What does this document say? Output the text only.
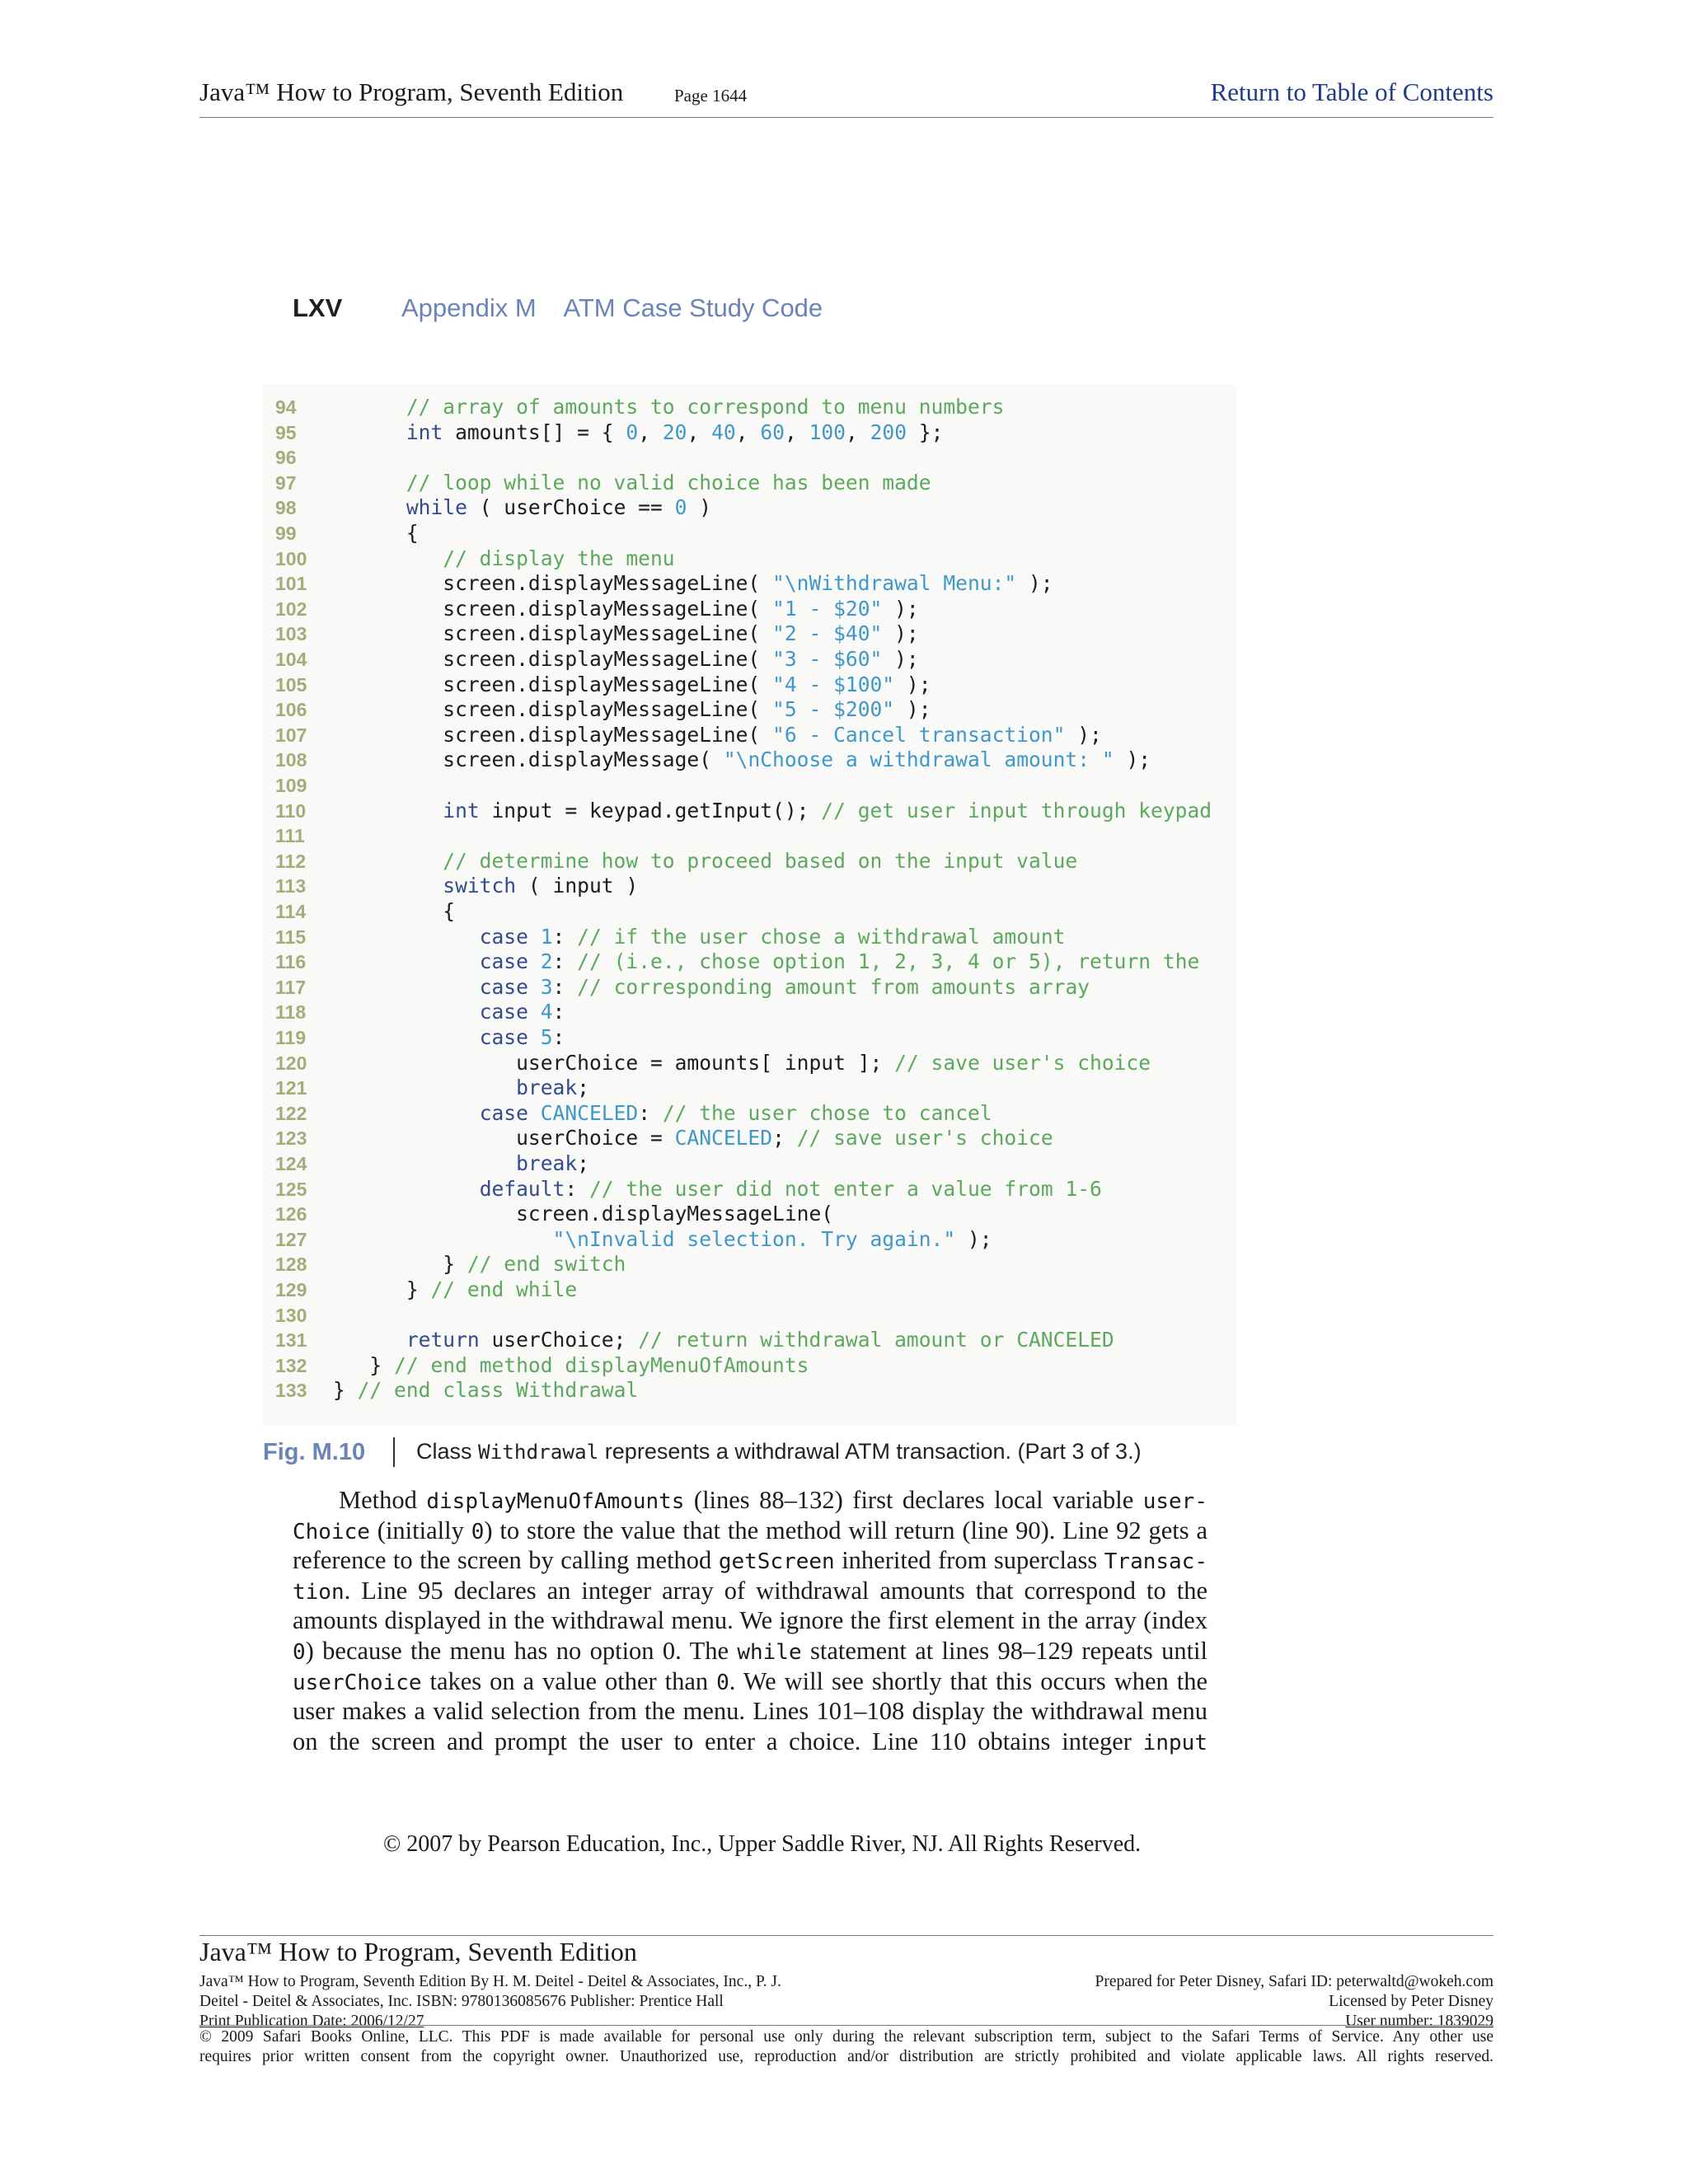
Java™ How to Program, Seventh Edition	Page 1644	Return to Table of Contents
LXV Appendix M    ATM Case Study Code
94	// array of amounts to correspond to menu numbers
95	int amounts[] = { 0, 20, 40, 60, 100, 200 };
96
97	// loop while no valid choice has been made
98	while ( userChoice == 0 )
99	{
100	// display the menu
101	screen.displayMessageLine( "\nWithdrawal Menu:" );
102	screen.displayMessageLine( "1 - $20" );
103	screen.displayMessageLine( "2 - $40" );
104	screen.displayMessageLine( "3 - $60" );
105	screen.displayMessageLine( "4 - $100" );
106	screen.displayMessageLine( "5 - $200" );
107	screen.displayMessageLine( "6 - Cancel transaction" );
108	screen.displayMessage( "\nChoose a withdrawal amount: " );
109
110	int input = keypad.getInput(); // get user input through keypad
111
112	// determine how to proceed based on the input value
113	switch ( input )
114	{
115	case 1: // if the user chose a withdrawal amount
116	case 2: // (i.e., chose option 1, 2, 3, 4 or 5), return the
117	case 3: // corresponding amount from amounts array
118	case 4:
119	case 5:
120	userChoice = amounts[ input ]; // save user's choice
121	break;
122	case CANCELED: // the user chose to cancel
123	userChoice = CANCELED; // save user's choice
124	break;
125	default: // the user did not enter a value from 1-6
126	screen.displayMessageLine(
127	"\nInvalid selection. Try again." );
128	} // end switch
129	} // end while
130
131	return userChoice; // return withdrawal amount or CANCELED
132	} // end method displayMenuOfAmounts
133	} // end class Withdrawal
Fig. M.10 Class Withdrawal represents a withdrawal ATM transaction. (Part 3 of 3.)
Method displayMenuOfAmounts (lines 88–132) first declares local variable user-
Choice (initially 0) to store the value that the method will return (line 90). Line 92 gets a
reference to the screen by calling method getScreen inherited from superclass Transac-
tion. Line 95 declares an integer array of withdrawal amounts that correspond to the
amounts displayed in the withdrawal menu. We ignore the first element in the array (index
0) because the menu has no option 0. The while statement at lines 98–129 repeats until
userChoice takes on a value other than 0. We will see shortly that this occurs when the
user makes a valid selection from the menu. Lines 101–108 display the withdrawal menu
on the screen and prompt the user to enter a choice. Line 110 obtains integer input
© 2007 by Pearson Education, Inc., Upper Saddle River, NJ. All Rights Reserved.
Java™ How to Program, Seventh Edition
Java™ How to Program, Seventh Edition By H. M. Deitel - Deitel & Associates, Inc., P. J.
Deitel - Deitel & Associates, Inc. ISBN: 9780136085676 Publisher: Prentice Hall
Print Publication Date: 2006/12/27
Prepared for Peter Disney, Safari ID: peterwaltd@wokeh.com
Licensed by Peter Disney
User number: 1839029
© 2009 Safari Books Online, LLC. This PDF is made available for personal use only during the relevant subscription term, subject to the Safari Terms of Service. Any other use
requires prior written consent from the copyright owner. Unauthorized use, reproduction and/or distribution are strictly prohibited and violate applicable laws. All rights reserved.
